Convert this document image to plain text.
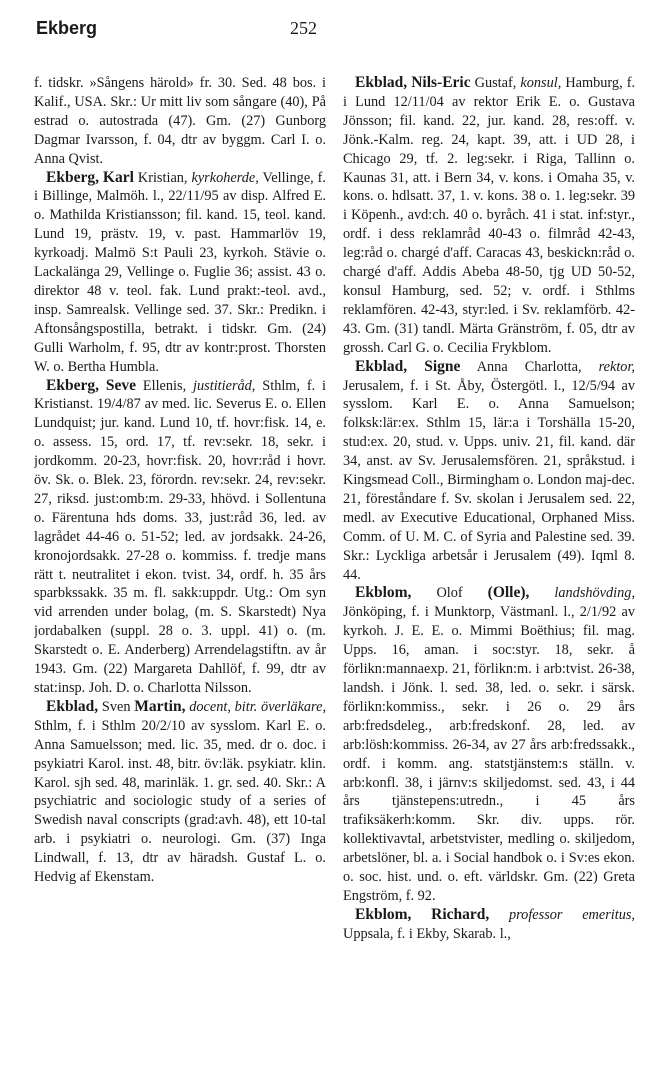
Ekberg	252

f. tidskr. »Sångens härold» fr. 30. Sed. 48 bos. i Kalif., USA. Skr.: Ur mitt liv som sångare (40), På estrad o. autostrada (47). Gm. (27) Gunborg Dagmar Ivarsson, f. 04, dtr av byggm. Carl I. o. Anna Qvist.

Ekberg, Karl Kristian, kyrkoherde, Vellinge, f. i Billinge, Malmöh. l., 22/11/95 av disp. Alfred E. o. Mathilda Kristiansson; fil. kand. 15, teol. kand. Lund 19, prästv. 19, v. past. Hammarlöv 19, kyrkoadj. Malmö S:t Pauli 23, kyrkoh. Stävie o. Lackalänga 29, Vellinge o. Fuglie 36; assist. 43 o. direktor 48 v. teol. fak. Lund prakt:-teol. avd., insp. Samrealsk. Vellinge sed. 37. Skr.: Predikn. i Aftonsångspostilla, betrakt. i tidskr. Gm. (24) Gulli Warholm, f. 95, dtr av kontr:prost. Thorsten W. o. Bertha Humbla.

Ekberg, Seve Ellenis, justitieråd, Sthlm, f. i Kristianst. 19/4/87 av med. lic. Severus E. o. Ellen Lundquist; jur. kand. Lund 10, tf. hovr:fisk. 14, e. o. assess. 15, ord. 17, tf. rev:sekr. 18, sekr. i jordkomm. 20-23, hovr:fisk. 20, hovr:råd i hovr. öv. Sk. o. Blek. 23, förordn. rev:sekr. 24, rev:sekr. 27, riksd. just:omb:m. 29-33, hhövd. i Sollentuna o. Färentuna hds doms. 33, just:råd 36, led. av lagrådet 44-46 o. 51-52; led. av jordsakk. 24-26, kronojordsakk. 27-28 o. kommiss. f. tredje mans rätt t. neutralitet i ekon. tvist. 34, ordf. h. 35 års sparbkssakk. 35 m. fl. sakk:uppdr. Utg.: Om syn vid arrenden under bolag, (m. S. Skarstedt) Nya jordabalken (suppl. 28 o. 3. uppl. 41) o. (m. Skarstedt o. E. Anderberg) Arrendelagstiftn. av år 1943. Gm. (22) Margareta Dahllöf, f. 99, dtr av stat:insp. Joh. D. o. Charlotta Nilsson.

Ekblad, Sven Martin, docent, bitr. överläkare, Sthlm, f. i Sthlm 20/2/10 av sysslom. Karl E. o. Anna Samuelsson; med. lic. 35, med. dr o. doc. i psykiatri Karol. inst. 48, bitr. öv:läk. psykiatr. klin. Karol. sjh sed. 48, marinläk. 1. gr. sed. 40. Skr.: A psychiatric and sociologic study of a series of Swedish naval conscripts (grad:avh. 48), ett 10-tal arb. i psykiatri o. neurologi. Gm. (37) Inga Lindwall, f. 13, dtr av häradsh. Gustaf L. o. Hedvig af Ekenstam.

Ekblad, Nils-Eric Gustaf, konsul, Hamburg, f. i Lund 12/11/04 av rektor Erik E. o. Gustava Jönsson; fil. kand. 22, jur. kand. 28, res:off. v. Jönk.-Kalm. reg. 24, kapt. 39, att. i UD 28, i Chicago 29, tf. 2. leg:sekr. i Riga, Tallinn o. Kaunas 31, att. i Bern 34, v. kons. i Omaha 35, v. kons. o. hdlsatt. 37, 1. v. kons. 38 o. 1. leg:sekr. 39 i Köpenh., avd:ch. 40 o. byråch. 41 i stat. inf:styr., ordf. i dess reklamråd 40-43 o. filmråd 42-43, leg:råd o. chargé d'aff. Caracas 43, beskickn:råd o. chargé d'aff. Addis Abeba 48-50, tjg UD 50-52, konsul Hamburg, sed. 52; v. ordf. i Sthlms reklamfören. 42-43, styr:led. i Sv. reklamförb. 42-43. Gm. (31) tandl. Märta Gränström, f. 05, dtr av grossh. Carl G. o. Cecilia Frykblom.

Ekblad, Signe Anna Charlotta, rektor, Jerusalem, f. i St. Åby, Östergötl. l., 12/5/94 av sysslom. Karl E. o. Anna Samuelson; folksk:lär:ex. Sthlm 15, lär:a i Torshälla 15-20, stud:ex. 20, stud. v. Upps. univ. 21, fil. kand. där 34, anst. av Sv. Jerusalemsfören. 21, språkstud. i Kingsmead Coll., Birmingham o. London maj-dec. 21, föreståndare f. Sv. skolan i Jerusalem sed. 22, medl. av Executive Educational, Orphaned Miss. Comm. of U. M. C. of Syria and Palestine sed. 39. Skr.: Lyckliga arbetsår i Jerusalem (49). Iqml 8. 44.

Ekblom, Olof (Olle), landshövding, Jönköping, f. i Munktorp, Västmanl. l., 2/1/92 av kyrkoh. J. E. E. o. Mimmi Boëthius; fil. mag. Upps. 16, aman. i soc:styr. 18, sekr. å förlikn:mannaexp. 21, förlikn:m. i arb:tvist. 26-38, landsh. i Jönk. l. sed. 38, led. o. sekr. i särsk. förlikn:kommiss., sekr. i 26 o. 29 års arb:fredsdeleg., arb:fredskonf. 28, led. av arb:lösh:kommiss. 26-34, av 27 års arb:fredssakk., ordf. i komm. ang. statstjänstem:s ställn. v. arb:konfl. 38, i järnv:s skiljedomst. sed. 43, i 44 års tjänstepens:utredn., i 45 års trafiksäkerh:komm. Skr. div. upps. rör. kollektivavtal, arbetstvister, medling o. skiljedom, arbetslöner, bl. a. i Social handbok o. i Sv:es ekon. o. soc. hist. und. o. eft. världskr. Gm. (22) Greta Engström, f. 92.

Ekblom, Richard, professor emeritus, Uppsala, f. i Ekby, Skarab. l.,
